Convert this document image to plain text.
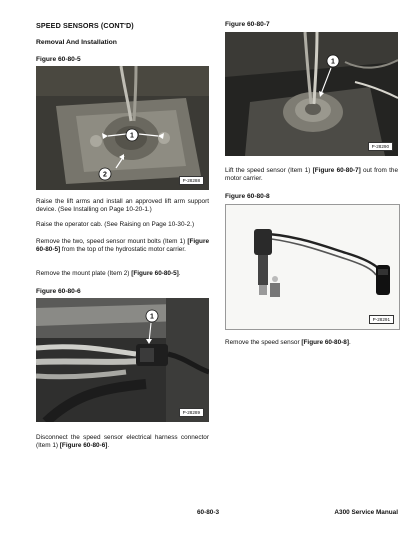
SPEED SENSORS (CONT'D)
Removal And Installation
Figure 60-80-5
1
2
P-28288
Raise the lift arms and install an approved lift arm support device. (See Installing on Page 10-20-1.)
Raise the operator cab. (See Raising on Page 10-30-2.)
Remove the two, speed sensor mount bolts (Item 1) [Figure 60-80-5] from the top of the hydrostatic motor carrier.
Remove the mount plate (Item 2) [Figure 60-80-5].
Figure 60-80-6
1
P-28289
Disconnect the speed sensor electrical harness connector (Item 1) [Figure 60-80-6].
Figure 60-80-7
1
P-28290
Lift the speed sensor (Item 1) [Figure 60-80-7] out from the motor carrier.
Figure 60-80-8
P-28291
Remove the speed sensor [Figure 60-80-8].
60-80-3	A300 Service Manual
